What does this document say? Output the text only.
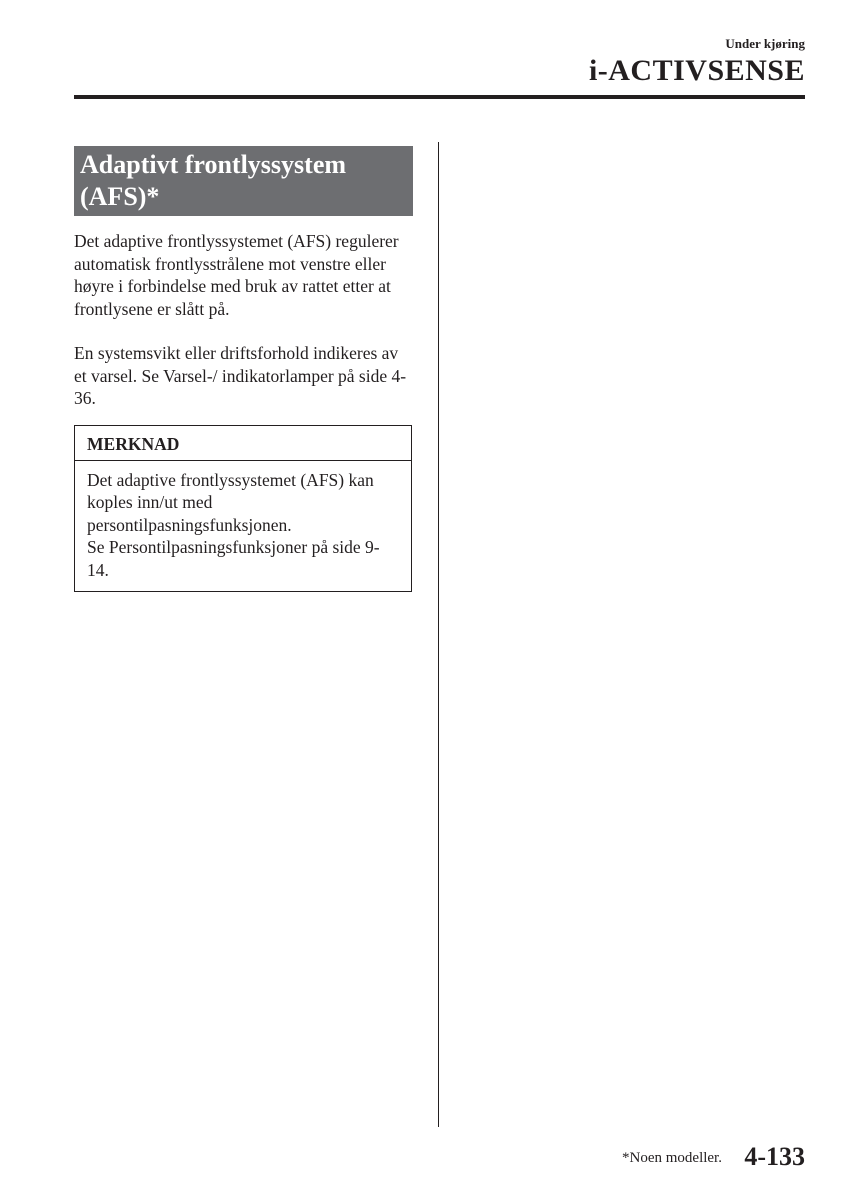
Under kjøring
i-ACTIVSENSE
Adaptivt frontlyssystem
(AFS)*

Det adaptive frontlyssystemet (AFS) regulerer automatisk frontlysstrålene mot venstre eller høyre i forbindelse med bruk av rattet etter at frontlysene er slått på.

En systemsvikt eller driftsforhold indikeres av et varsel. Se Varsel-/ indikatorlamper på side 4-36.

MERKNAD
Det adaptive frontlyssystemet (AFS) kan koples inn/ut med persontilpasningsfunksjonen.
Se Persontilpasningsfunksjoner på side 9-14.
*Noen modeller. 4-133
